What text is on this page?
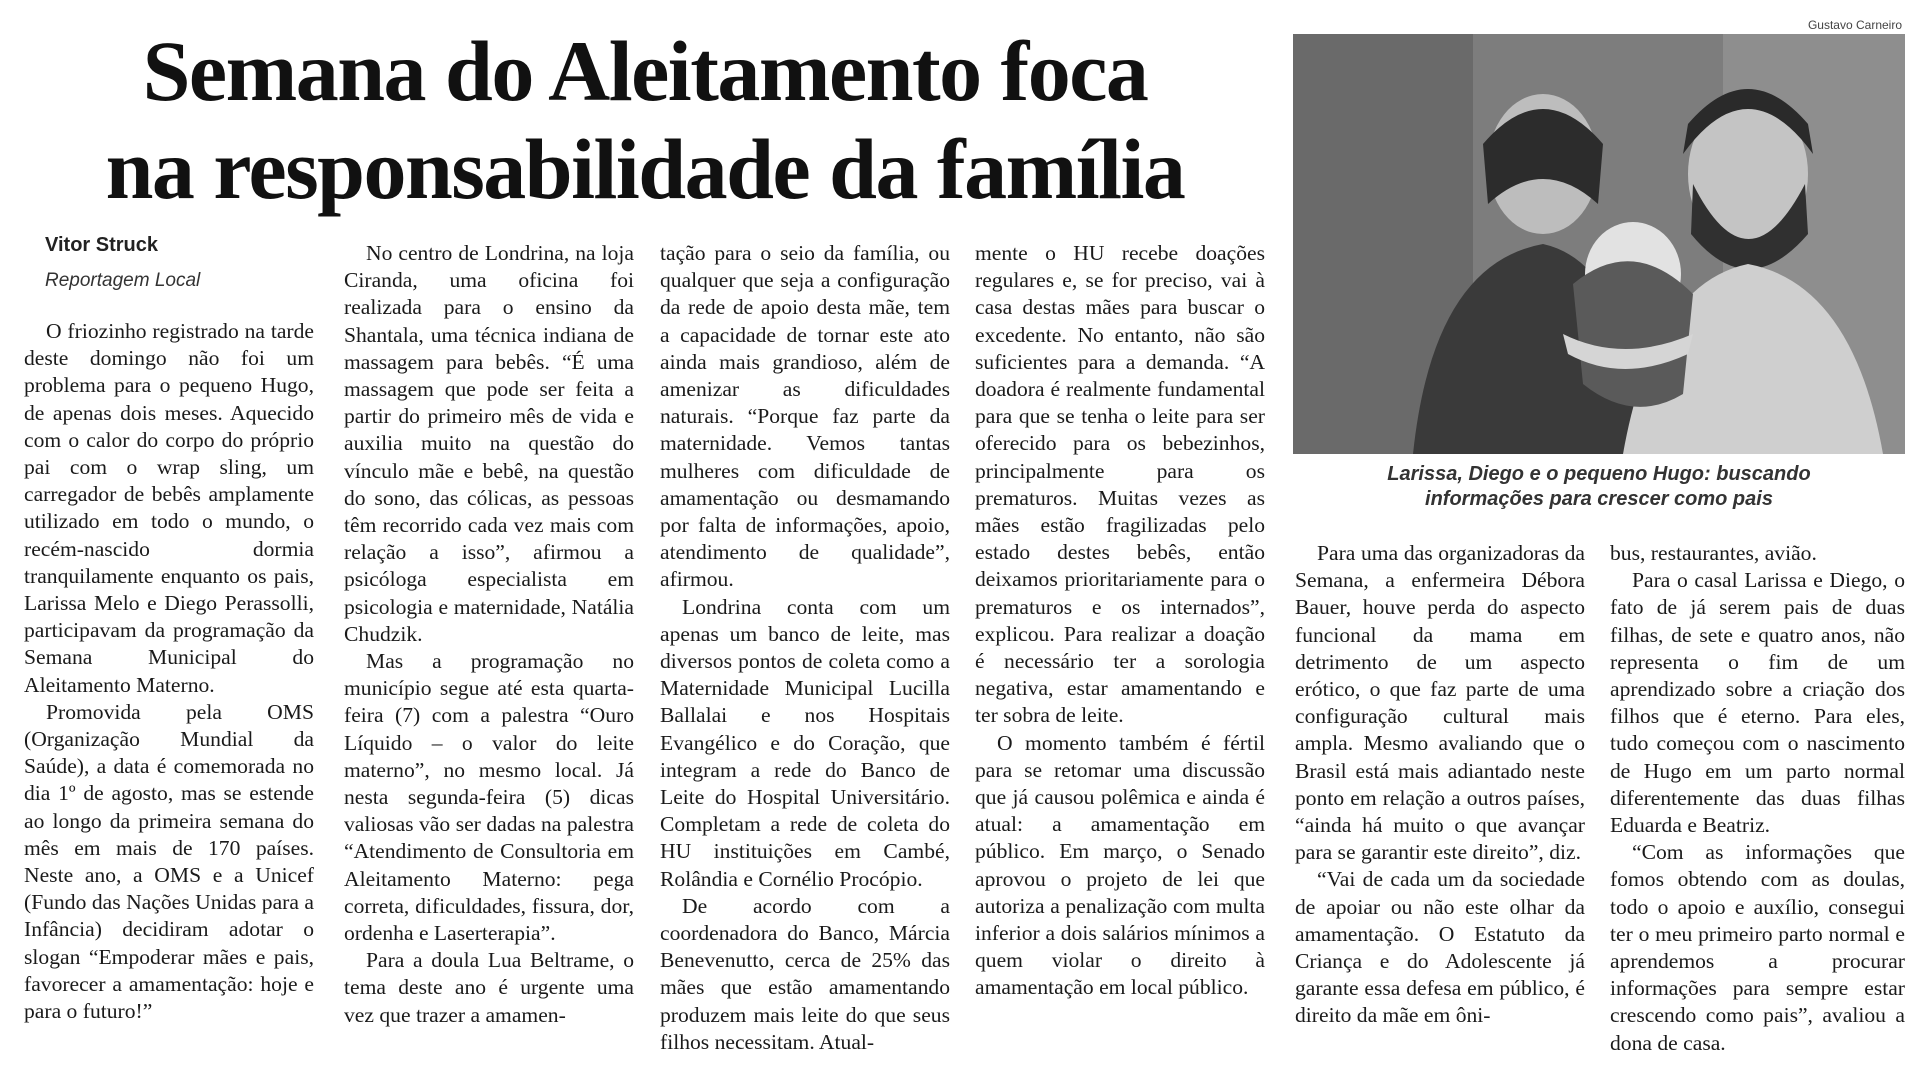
Semana do Aleitamento foca
na responsabilidade da família
Vitor Struck
Reportagem Local

O friozinho registrado na tarde deste domingo não foi um problema para o pequeno Hugo, de apenas dois meses. Aquecido com o calor do corpo do próprio pai com o wrap sling, um carregador de bebês amplamente utilizado em todo o mundo, o recém-nascido dormia tranquilamente enquanto os pais, Larissa Melo e Diego Perassolli, participavam da programação da Semana Municipal do Aleitamento Materno.

Promovida pela OMS (Organização Mundial da Saúde), a data é comemorada no dia 1º de agosto, mas se estende ao longo da primeira semana do mês em mais de 170 países. Neste ano, a OMS e a Unicef (Fundo das Nações Unidas para a Infância) decidiram adotar o slogan “Empoderar mães e pais, favorecer a amamentação: hoje e para o futuro!”

No centro de Londrina, na loja Ciranda, uma oficina foi realizada para o ensino da Shantala, uma técnica indiana de massagem para bebês. “É uma massagem que pode ser feita a partir do primeiro mês de vida e auxilia muito na questão do vínculo mãe e bebê, na questão do sono, das cólicas, as pessoas têm recorrido cada vez mais com relação a isso”, afirmou a psicóloga especialista em psicologia e maternidade, Natália Chudzik.

Mas a programação no município segue até esta quarta-feira (7) com a palestra “Ouro Líquido – o valor do leite materno”, no mesmo local. Já nesta segunda-feira (5) dicas valiosas vão ser dadas na palestra “Atendimento de Consultoria em Aleitamento Materno: pega correta, dificuldades, fissura, dor, ordenha e Laserterapia”.

Para a doula Lua Beltrame, o tema deste ano é urgente uma vez que trazer a amamen-

tação para o seio da família, ou qualquer que seja a configuração da rede de apoio desta mãe, tem a capacidade de tornar este ato ainda mais grandioso, além de amenizar as dificuldades naturais. “Porque faz parte da maternidade. Vemos tantas mulheres com dificuldade de amamentação ou desmamando por falta de informações, apoio, atendimento de qualidade”, afirmou.

Londrina conta com um apenas um banco de leite, mas diversos pontos de coleta como a Maternidade Municipal Lucilla Ballalai e nos Hospitais Evangélico e do Coração, que integram a rede do Banco de Leite do Hospital Universitário. Completam a rede de coleta do HU instituições em Cambé, Rolândia e Cornélio Procópio.

De acordo com a coordenadora do Banco, Márcia Benevenutto, cerca de 25% das mães que estão amamentando produzem mais leite do que seus filhos necessitam. Atual-

mente o HU recebe doações regulares e, se for preciso, vai à casa destas mães para buscar o excedente. No entanto, não são suficientes para a demanda. “A doadora é realmente fundamental para que se tenha o leite para ser oferecido para os bebezinhos, principalmente para os prematuros. Muitas vezes as mães estão fragilizadas pelo estado destes bebês, então deixamos prioritariamente para o prematuros e os internados”, explicou. Para realizar a doação é necessário ter a sorologia negativa, estar amamentando e ter sobra de leite.

O momento também é fértil para se retomar uma discussão que já causou polêmica e ainda é atual: a amamentação em público. Em março, o Senado aprovou o projeto de lei que autoriza a penalização com multa inferior a dois salários mínimos a quem violar o direito à amamentação em local público.

Gustavo Carneiro

Larissa, Diego e o pequeno Hugo: buscando
informações para crescer como pais

Para uma das organizadoras da Semana, a enfermeira Débora Bauer, houve perda do aspecto funcional da mama em detrimento de um aspecto erótico, o que faz parte de uma configuração cultural mais ampla. Mesmo avaliando que o Brasil está mais adiantado neste ponto em relação a outros países, “ainda há muito o que avançar para se garantir este direito”, diz.

“Vai de cada um da sociedade de apoiar ou não este olhar da amamentação. O Estatuto da Criança e do Adolescente já garante essa defesa em público, é direito da mãe em ôni-

bus, restaurantes, avião.

Para o casal Larissa e Diego, o fato de já serem pais de duas filhas, de sete e quatro anos, não representa o fim de um aprendizado sobre a criação dos filhos que é eterno. Para eles, tudo começou com o nascimento de Hugo em um parto normal diferentemente das duas filhas Eduarda e Beatriz.

“Com as informações que fomos obtendo com as doulas, todo o apoio e auxílio, consegui ter o meu primeiro parto normal e aprendemos a procurar informações para sempre estar crescendo como pais”, avaliou a dona de casa.
